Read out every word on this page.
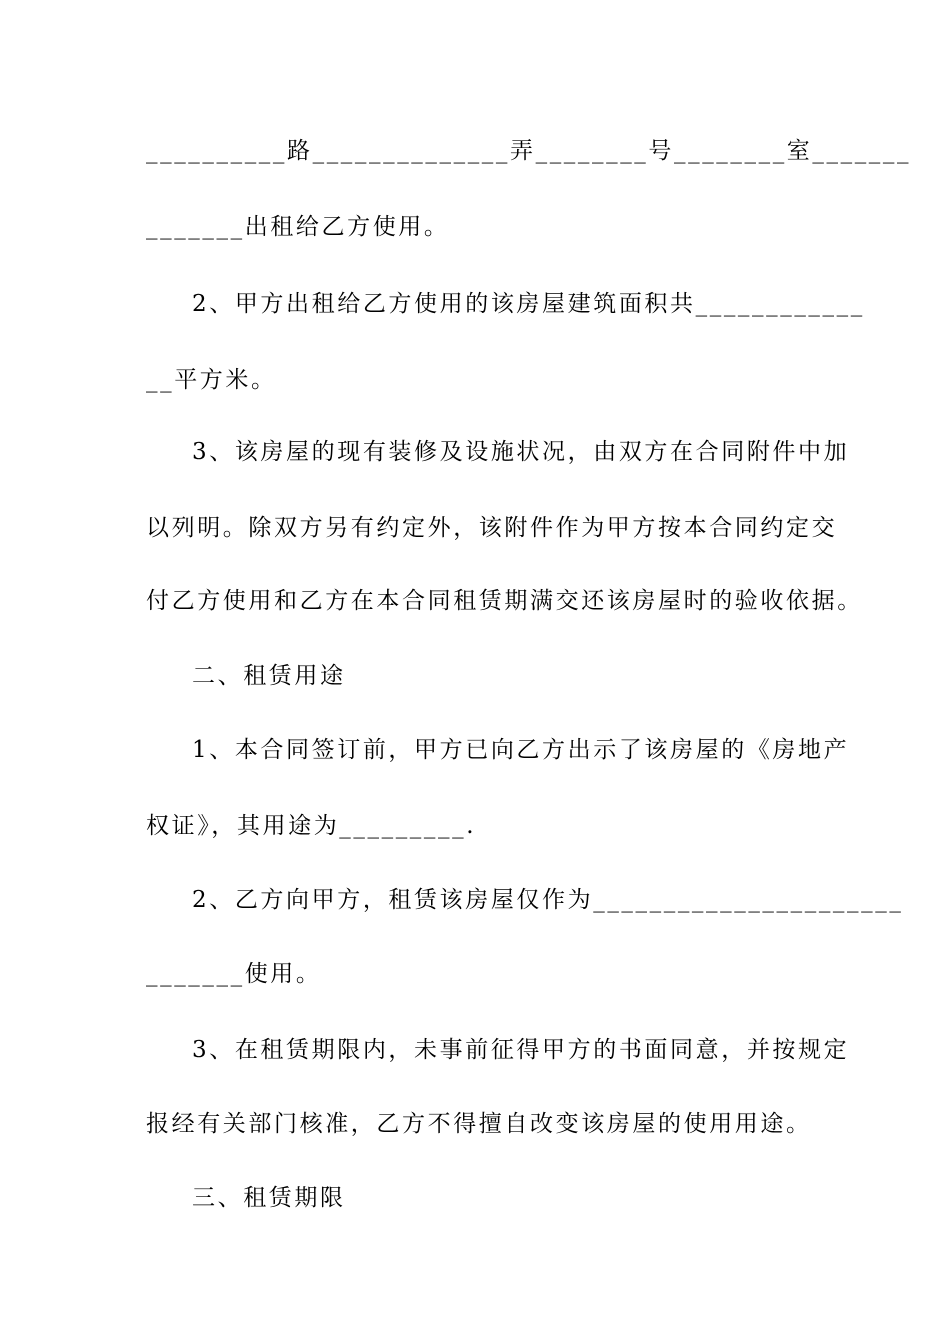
__________路______________弄________号________室_______
_______出租给乙方使用。
2、甲方出租给乙方使用的该房屋建筑面积共____________
__平方米。
3、该房屋的现有装修及设施状况，由双方在合同附件中加
以列明。除双方另有约定外，该附件作为甲方按本合同约定交
付乙方使用和乙方在本合同租赁期满交还该房屋时的验收依据。
二、租赁用途
1、本合同签订前，甲方已向乙方出示了该房屋的《房地产
权证》，其用途为_________.
2、乙方向甲方，租赁该房屋仅作为______________________
_______使用。
3、在租赁期限内，未事前征得甲方的书面同意，并按规定
报经有关部门核准，乙方不得擅自改变该房屋的使用用途。
三、租赁期限
